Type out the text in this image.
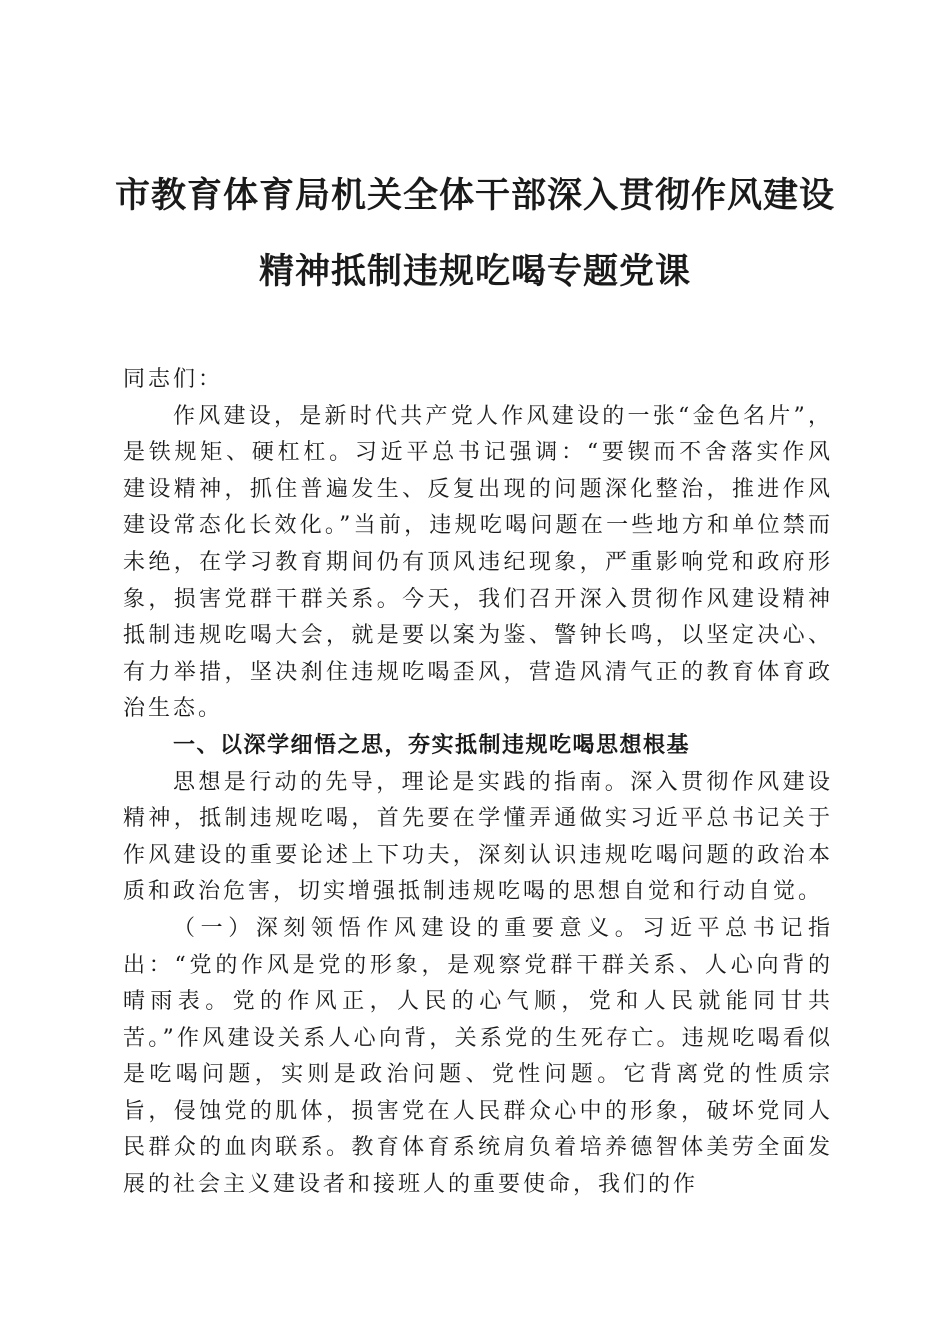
市教育体育局机关全体干部深入贯彻作风建设
精神抵制违规吃喝专题党课

同志们：

作风建设，是新时代共产党人作风建设的一张“金色名片”，是铁规矩、硬杠杠。习近平总书记强调：“要锲而不舍落实作风建设精神，抓住普遍发生、反复出现的问题深化整治，推进作风建设常态化长效化。”当前，违规吃喝问题在一些地方和单位禁而未绝，在学习教育期间仍有顶风违纪现象，严重影响党和政府形象，损害党群干群关系。今天，我们召开深入贯彻作风建设精神抵制违规吃喝大会，就是要以案为鉴、警钟长鸣，以坚定决心、有力举措，坚决刹住违规吃喝歪风，营造风清气正的教育体育政治生态。

一、以深学细悟之思，夯实抵制违规吃喝思想根基

思想是行动的先导，理论是实践的指南。深入贯彻作风建设精神，抵制违规吃喝，首先要在学懂弄通做实习近平总书记关于作风建设的重要论述上下功夫，深刻认识违规吃喝问题的政治本质和政治危害，切实增强抵制违规吃喝的思想自觉和行动自觉。

（一）深刻领悟作风建设的重要意义。习近平总书记指出：“党的作风是党的形象，是观察党群干群关系、人心向背的晴雨表。党的作风正，人民的心气顺，党和人民就能同甘共苦。”作风建设关系人心向背，关系党的生死存亡。违规吃喝看似是吃喝问题，实则是政治问题、党性问题。它背离党的性质宗旨，侵蚀党的肌体，损害党在人民群众心中的形象，破坏党同人民群众的血肉联系。教育体育系统肩负着培养德智体美劳全面发展的社会主义建设者和接班人的重要使命，我们的作
